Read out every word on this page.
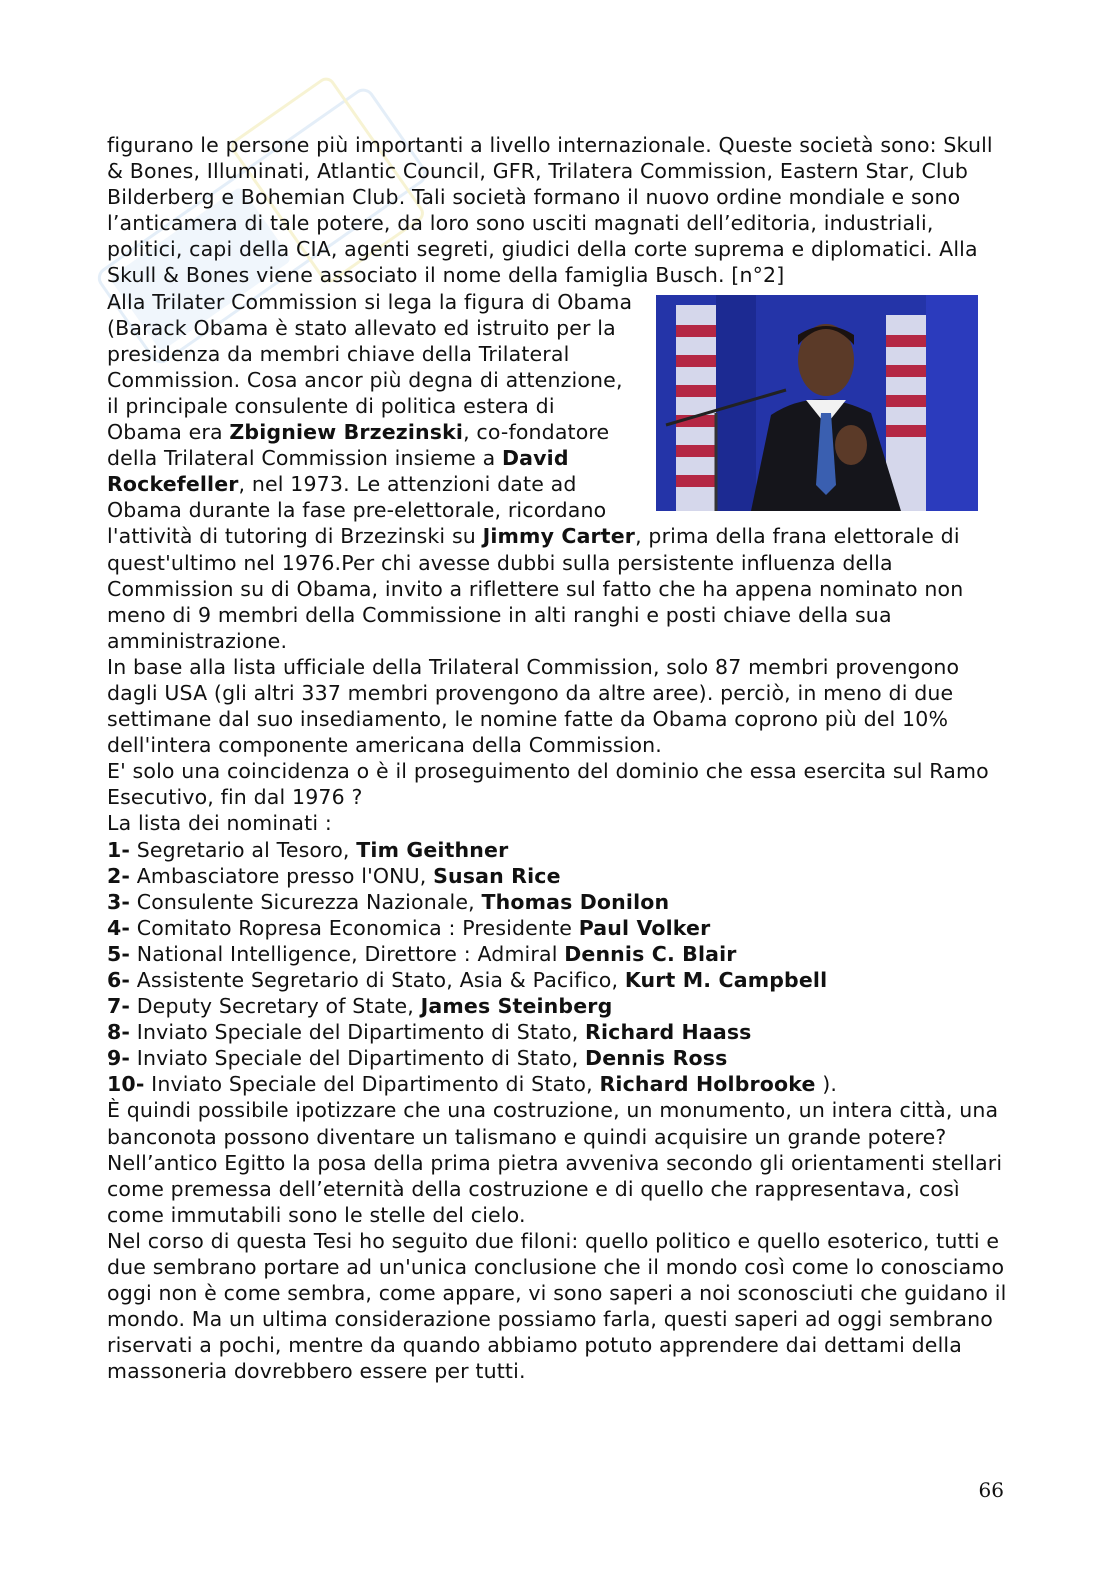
figurano le persone più importanti a livello internazionale. Queste società sono: Skull & Bones, Illuminati, Atlantic Council, GFR, Trilatera Commission, Eastern Star, Club Bilderberg e Bohemian Club. Tali società formano il nuovo ordine mondiale e sono l’anticamera di tale potere, da loro sono usciti magnati dell’editoria, industriali, politici, capi della CIA, agenti segreti, giudici della corte suprema e diplomatici. Alla Skull & Bones viene associato il nome della famiglia Busch. [n°2]

Alla Trilater Commission si lega la figura di Obama (Barack Obama è stato allevato ed istruito per la presidenza da membri chiave della Trilateral Commission. Cosa ancor più degna di attenzione, il principale consulente di politica estera di Obama era Zbigniew Brzezinski, co-fondatore della Trilateral Commission insieme a David Rockefeller, nel 1973. Le attenzioni date ad Obama durante la fase pre-elettorale, ricordano l'attività di tutoring di Brzezinski su Jimmy Carter, prima della frana elettorale di quest'ultimo nel 1976.Per chi avesse dubbi sulla persistente influenza della Commission su di Obama, invito a riflettere sul fatto che ha appena nominato non meno di 9 membri della Commissione in alti ranghi e posti chiave della sua amministrazione.

In base alla lista ufficiale della Trilateral Commission, solo 87 membri provengono dagli USA (gli altri 337 membri provengono da altre aree). perciò, in meno di due settimane dal suo insediamento, le nomine fatte da Obama coprono più del 10% dell'intera componente americana della Commission.

E' solo una coincidenza o è il proseguimento del dominio che essa esercita sul Ramo Esecutivo, fin dal 1976 ?

La lista dei nominati :

1- Segretario al Tesoro, Tim Geithner

2- Ambasciatore presso l'ONU, Susan Rice

3- Consulente Sicurezza Nazionale, Thomas Donilon

4- Comitato Ropresa Economica : Presidente Paul Volker

5- National Intelligence, Direttore : Admiral Dennis C. Blair

6- Assistente Segretario di Stato, Asia & Pacifico, Kurt M. Campbell

7- Deputy Secretary of State, James Steinberg

8- Inviato Speciale del Dipartimento di Stato, Richard Haass

9- Inviato Speciale del Dipartimento di Stato, Dennis Ross

10- Inviato Speciale del Dipartimento di Stato, Richard Holbrooke ).

È quindi possibile ipotizzare che una costruzione, un monumento, un intera città, una banconota possono diventare un talismano e quindi acquisire un grande potere?

Nell’antico Egitto la posa della prima pietra avveniva secondo gli orientamenti stellari come premessa dell’eternità della costruzione e di quello che rappresentava, così come immutabili sono le stelle del cielo.

Nel corso di questa Tesi ho seguito due filoni: quello politico e quello esoterico, tutti e due sembrano portare ad un'unica conclusione che il mondo così come lo conosciamo oggi non è come sembra, come appare, vi sono saperi a noi sconosciuti che guidano il mondo. Ma un ultima considerazione possiamo farla, questi saperi ad oggi sembrano riservati a pochi, mentre da quando abbiamo potuto apprendere dai dettami della massoneria dovrebbero essere per tutti.

66
